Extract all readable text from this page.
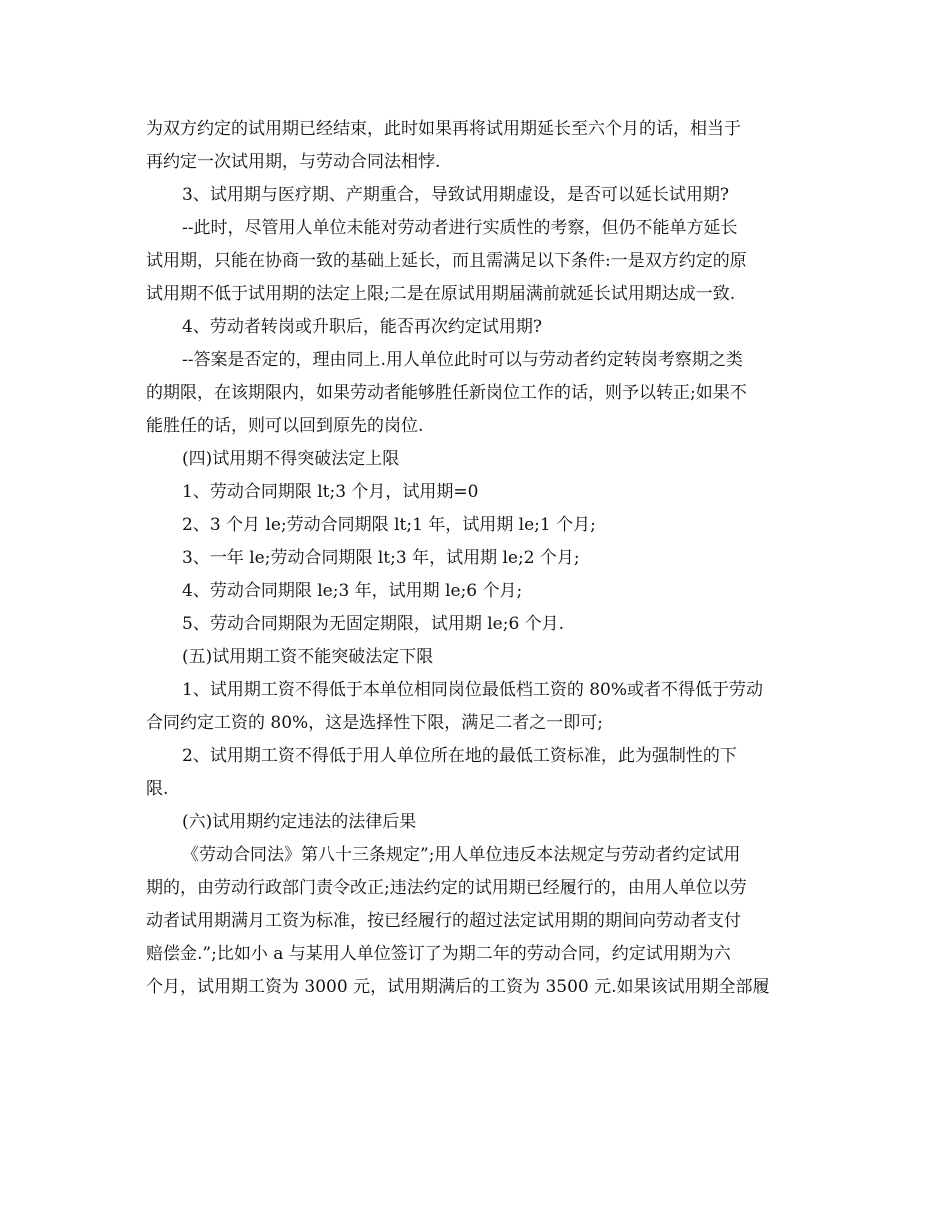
为双方约定的试用期已经结束，此时如果再将试用期延长至六个月的话，相当于

再约定一次试用期，与劳动合同法相悖.

3、试用期与医疗期、产期重合，导致试用期虚设，是否可以延长试用期?

--此时，尽管用人单位未能对劳动者进行实质性的考察，但仍不能单方延长

试用期，只能在协商一致的基础上延长，而且需满足以下条件:一是双方约定的原

试用期不低于试用期的法定上限;二是在原试用期届满前就延长试用期达成一致.

4、劳动者转岗或升职后，能否再次约定试用期?

--答案是否定的，理由同上.用人单位此时可以与劳动者约定转岗考察期之类

的期限，在该期限内，如果劳动者能够胜任新岗位工作的话，则予以转正;如果不

能胜任的话，则可以回到原先的岗位.

(四)试用期不得突破法定上限

1、劳动合同期限 lt;3 个月，试用期=0

2、3 个月 le;劳动合同期限 lt;1 年，试用期 le;1 个月;

3、一年 le;劳动合同期限 lt;3 年，试用期 le;2 个月;

4、劳动合同期限 le;3 年，试用期 le;6 个月;

5、劳动合同期限为无固定期限，试用期 le;6 个月.

(五)试用期工资不能突破法定下限

1、试用期工资不得低于本单位相同岗位最低档工资的 80%或者不得低于劳动

合同约定工资的 80%，这是选择性下限，满足二者之一即可;

2、试用期工资不得低于用人单位所在地的最低工资标准，此为强制性的下

限.

(六)试用期约定违法的法律后果

《劳动合同法》第八十三条规定”;用人单位违反本法规定与劳动者约定试用

期的，由劳动行政部门责令改正;违法约定的试用期已经履行的，由用人单位以劳

动者试用期满月工资为标准，按已经履行的超过法定试用期的期间向劳动者支付

赔偿金.”;比如小 a 与某用人单位签订了为期二年的劳动合同，约定试用期为六

个月，试用期工资为 3000 元，试用期满后的工资为 3500 元.如果该试用期全部履
